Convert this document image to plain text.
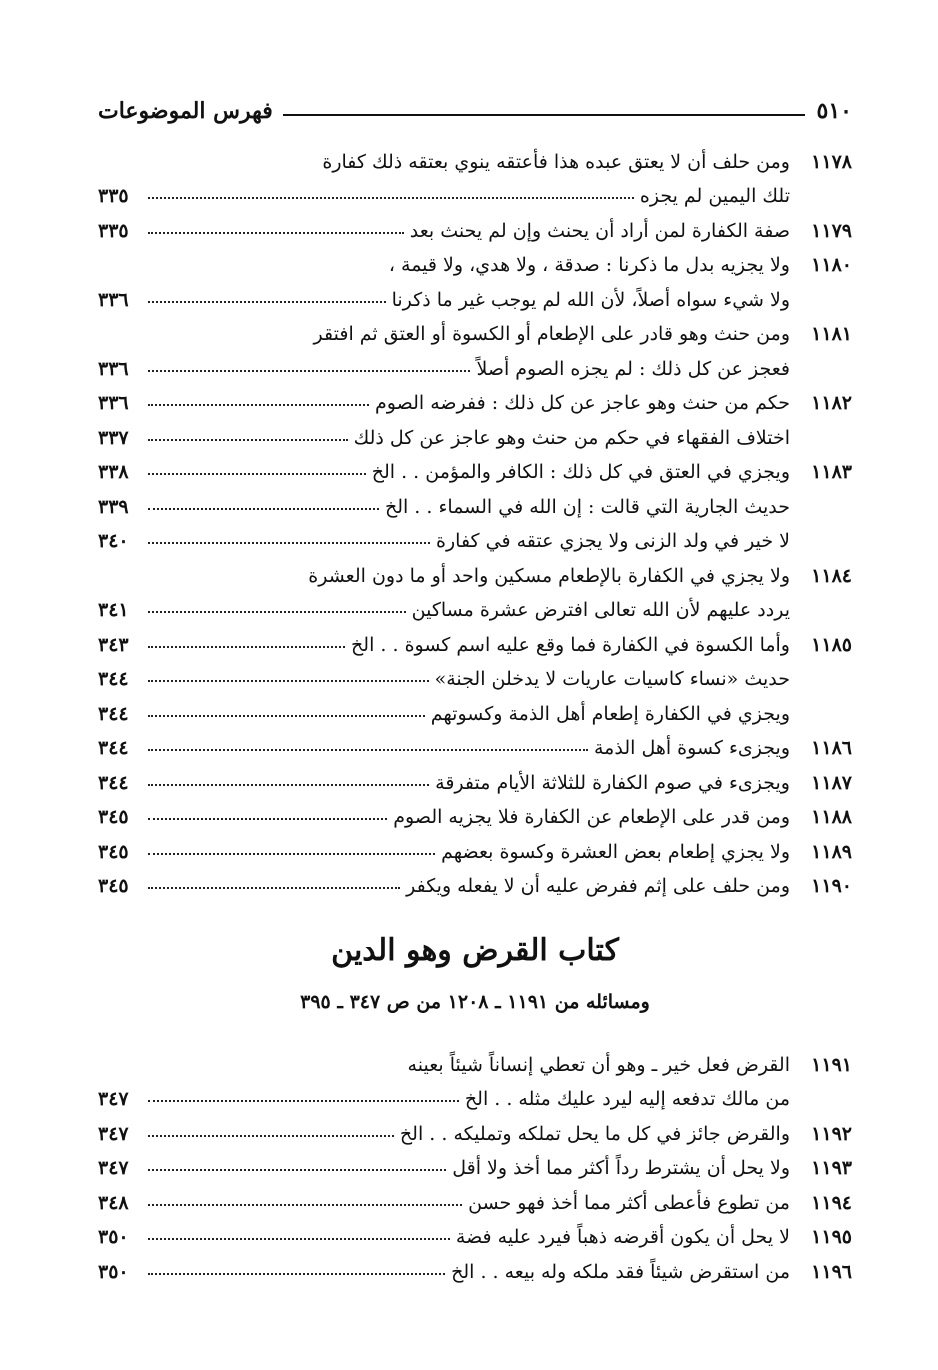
٥١٠
فهرس الموضوعات
١١٧٨
ومن حلف أن لا يعتق عبده هذا فأعتقه ينوي بعتقه ذلك كفارة
تلك اليمين لم يجزه
٣٣٥
١١٧٩
صفة الكفارة لمن أراد أن يحنث وإن لم يحنث بعد
٣٣٥
١١٨٠
ولا يجزيه بدل ما ذكرنا : صدقة ، ولا هدي، ولا قيمة ،
ولا شيء سواه أصلاً، لأن الله لم يوجب غير ما ذكرنا
٣٣٦
١١٨١
ومن حنث وهو قادر على الإطعام أو الكسوة أو العتق ثم افتقر
فعجز عن كل ذلك : لم يجزه الصوم أصلاً
٣٣٦
١١٨٢
حكم من حنث وهو عاجز عن كل ذلك : ففرضه الصوم
٣٣٦
اختلاف الفقهاء في حكم من حنث وهو عاجز عن كل ذلك
٣٣٧
١١٨٣
ويجزي في العتق في كل ذلك : الكافر والمؤمن . . الخ
٣٣٨
حديث الجارية التي قالت : إن الله في السماء . . الخ
٣٣٩
لا خير في ولد الزنى ولا يجزي عتقه في كفارة
٣٤٠
١١٨٤
ولا يجزي في الكفارة بالإطعام مسكين واحد أو ما دون العشرة
يردد عليهم لأن الله تعالى افترض عشرة مساكين
٣٤١
١١٨٥
وأما الكسوة في الكفارة فما وقع عليه اسم كسوة . . الخ
٣٤٣
حديث «نساء كاسيات عاريات لا يدخلن الجنة»
٣٤٤
ويجزي في الكفارة إطعام أهل الذمة وكسوتهم
٣٤٤
١١٨٦
ويجزىء كسوة أهل الذمة
٣٤٤
١١٨٧
ويجزىء في صوم الكفارة للثلاثة الأيام متفرقة
٣٤٤
١١٨٨
ومن قدر على الإطعام عن الكفارة فلا يجزيه الصوم
٣٤٥
١١٨٩
ولا يجزي إطعام بعض العشرة وكسوة بعضهم
٣٤٥
١١٩٠
ومن حلف على إثم ففرض عليه أن لا يفعله ويكفر
٣٤٥
كتاب القرض وهو الدين
ومسائله من ١١٩١ ـ ١٢٠٨ من ص ٣٤٧ ـ ٣٩٥
١١٩١
القرض فعل خير ـ وهو أن تعطي إنساناً شيئاً بعينه
من مالك تدفعه إليه ليرد عليك مثله . . الخ
٣٤٧
١١٩٢
والقرض جائز في كل ما يحل تملكه وتمليكه . . الخ
٣٤٧
١١٩٣
ولا يحل أن يشترط رداً أكثر مما أخذ ولا أقل
٣٤٧
١١٩٤
من تطوع فأعطى أكثر مما أخذ فهو حسن
٣٤٨
١١٩٥
لا يحل أن يكون أقرضه ذهباً فيرد عليه فضة
٣٥٠
١١٩٦
من استقرض شيئاً فقد ملكه وله بيعه . . الخ
٣٥٠
